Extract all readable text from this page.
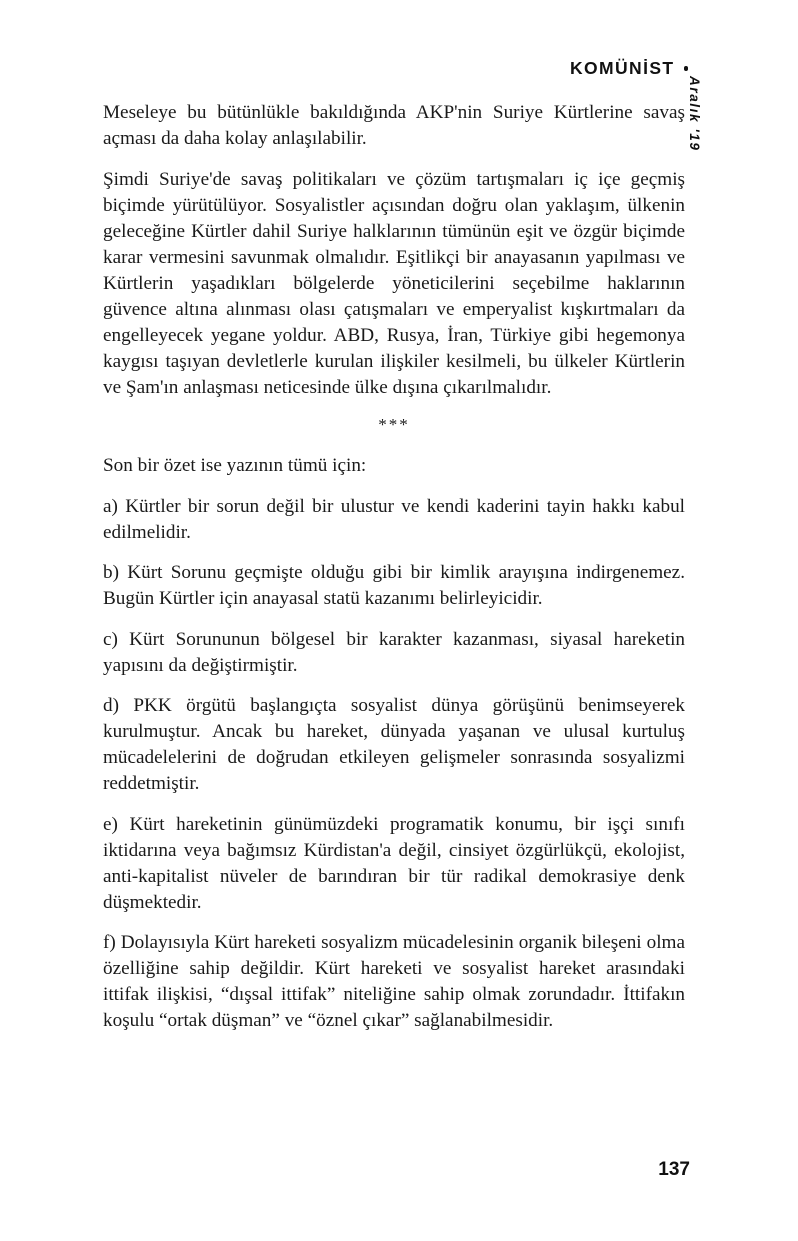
KOMÜNİST
Aralık '19

Meseleye bu bütünlükle bakıldığında AKP'nin Suriye Kürtlerine savaş açması da daha kolay anlaşılabilir.

Şimdi Suriye'de savaş politikaları ve çözüm tartışmaları iç içe geçmiş biçimde yürütülüyor. Sosyalistler açısından doğru olan yaklaşım, ülkenin geleceğine Kürtler dahil Suriye halklarının tümünün eşit ve özgür biçimde karar vermesini savunmak olmalıdır. Eşitlikçi bir anayasanın yapılması ve Kürtlerin yaşadıkları bölgelerde yöneticilerini seçebilme haklarının güvence altına alınması olası çatışmaları ve emperyalist kışkırtmaları da engelleyecek yegane yoldur. ABD, Rusya, İran, Türkiye gibi hegemonya kaygısı taşıyan devletlerle kurulan ilişkiler kesilmeli, bu ülkeler Kürtlerin ve Şam'ın anlaşması neticesinde ülke dışına çıkarılmalıdır.

***

Son bir özet ise yazının tümü için:

a) Kürtler bir sorun değil bir ulustur ve kendi kaderini tayin hakkı kabul edilmelidir.

b) Kürt Sorunu geçmişte olduğu gibi bir kimlik arayışına indirgenemez. Bugün Kürtler için anayasal statü kazanımı belirleyicidir.

c) Kürt Sorununun bölgesel bir karakter kazanması, siyasal hareketin yapısını da değiştirmiştir.

d) PKK örgütü başlangıçta sosyalist dünya görüşünü benimseyerek kurulmuştur. Ancak bu hareket, dünyada yaşanan ve ulusal kurtuluş mücadelelerini de doğrudan etkileyen gelişmeler sonrasında sosyalizmi reddetmiştir.

e) Kürt hareketinin günümüzdeki programatik konumu, bir işçi sınıfı iktidarına veya bağımsız Kürdistan'a değil, cinsiyet özgürlükçü, ekolojist, anti-kapitalist nüveler de barındıran bir tür radikal demokrasiye denk düşmektedir.

f) Dolayısıyla Kürt hareketi sosyalizm mücadelesinin organik bileşeni olma özelliğine sahip değildir. Kürt hareketi ve sosyalist hareket arasındaki ittifak ilişkisi, “dışsal ittifak” niteliğine sahip olmak zorundadır. İttifakın koşulu “ortak düşman” ve “öznel çıkar” sağlanabilmesidir.

137
